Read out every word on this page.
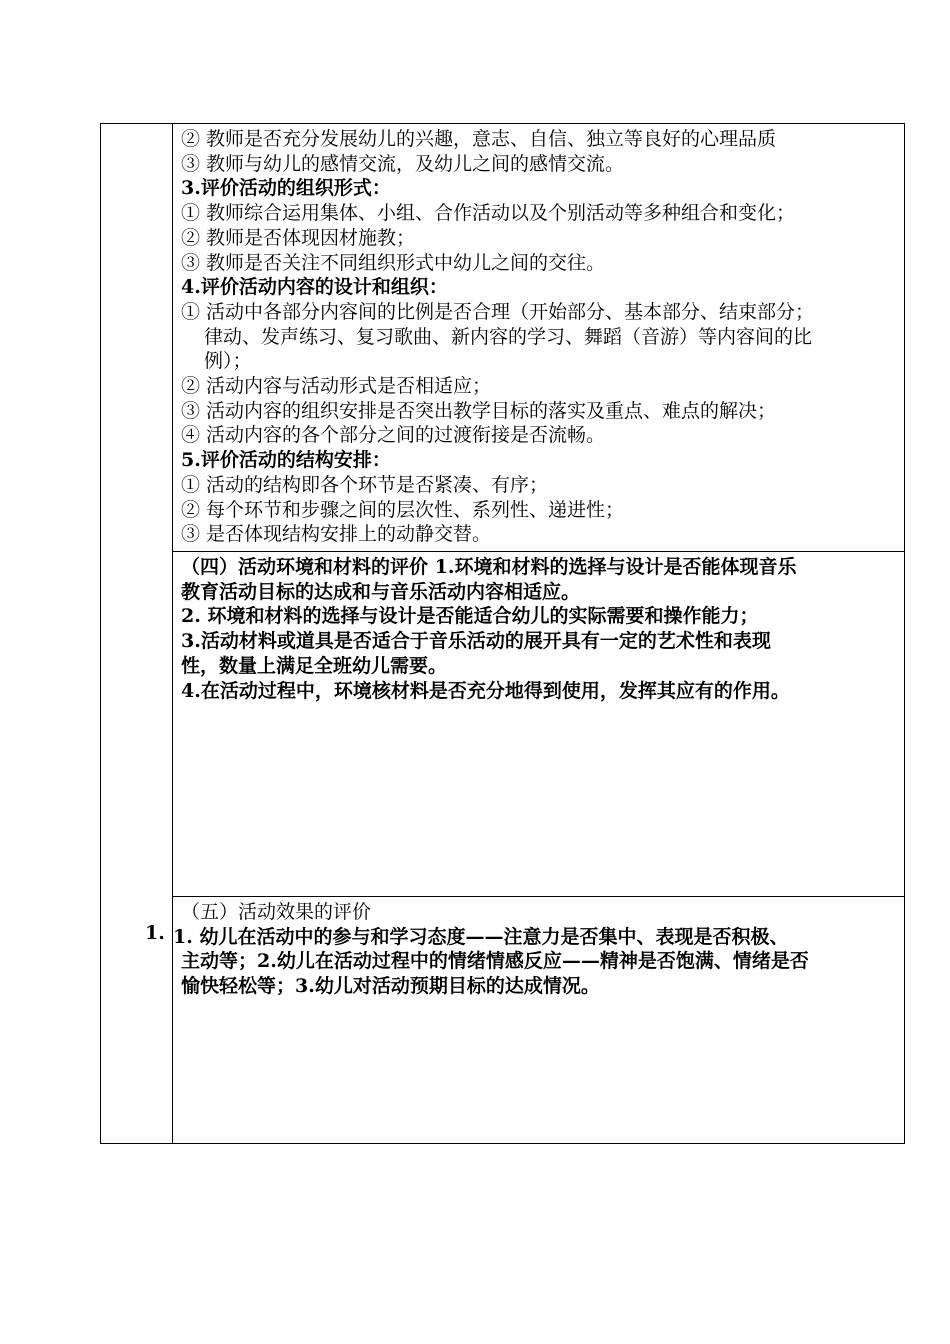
1.
② 教师是否充分发展幼儿的兴趣，意志、自信、独立等良好的心理品质
③ 教师与幼儿的感情交流，及幼儿之间的感情交流。
3.评价活动的组织形式：
① 教师综合运用集体、小组、合作活动以及个别活动等多种组合和变化；
② 教师是否体现因材施教；
③ 教师是否关注不同组织形式中幼儿之间的交往。
4.评价活动内容的设计和组织：
① 活动中各部分内容间的比例是否合理（开始部分、基本部分、结束部分；
律动、发声练习、复习歌曲、新内容的学习、舞蹈（音游）等内容间的比
例）；
② 活动内容与活动形式是否相适应；
③ 活动内容的组织安排是否突出教学目标的落实及重点、难点的解决；
④ 活动内容的各个部分之间的过渡衔接是否流畅。
5.评价活动的结构安排：
① 活动的结构即各个环节是否紧凑、有序；
② 每个环节和步骤之间的层次性、系列性、递进性；
③ 是否体现结构安排上的动静交替。
（四）活动环境和材料的评价 1.环境和材料的选择与设计是否能体现音乐
教育活动目标的达成和与音乐活动内容相适应。
2. 环境和材料的选择与设计是否能适合幼儿的实际需要和操作能力；
3.活动材料或道具是否适合于音乐活动的展开具有一定的艺术性和表现
性，数量上满足全班幼儿需要。
4.在活动过程中，环境核材料是否充分地得到使用，发挥其应有的作用。
（五）活动效果的评价
1. 幼儿在活动中的参与和学习态度——注意力是否集中、表现是否积极、
主动等；2.幼儿在活动过程中的情绪情感反应——精神是否饱满、情绪是否
愉快轻松等；3.幼儿对活动预期目标的达成情况。
